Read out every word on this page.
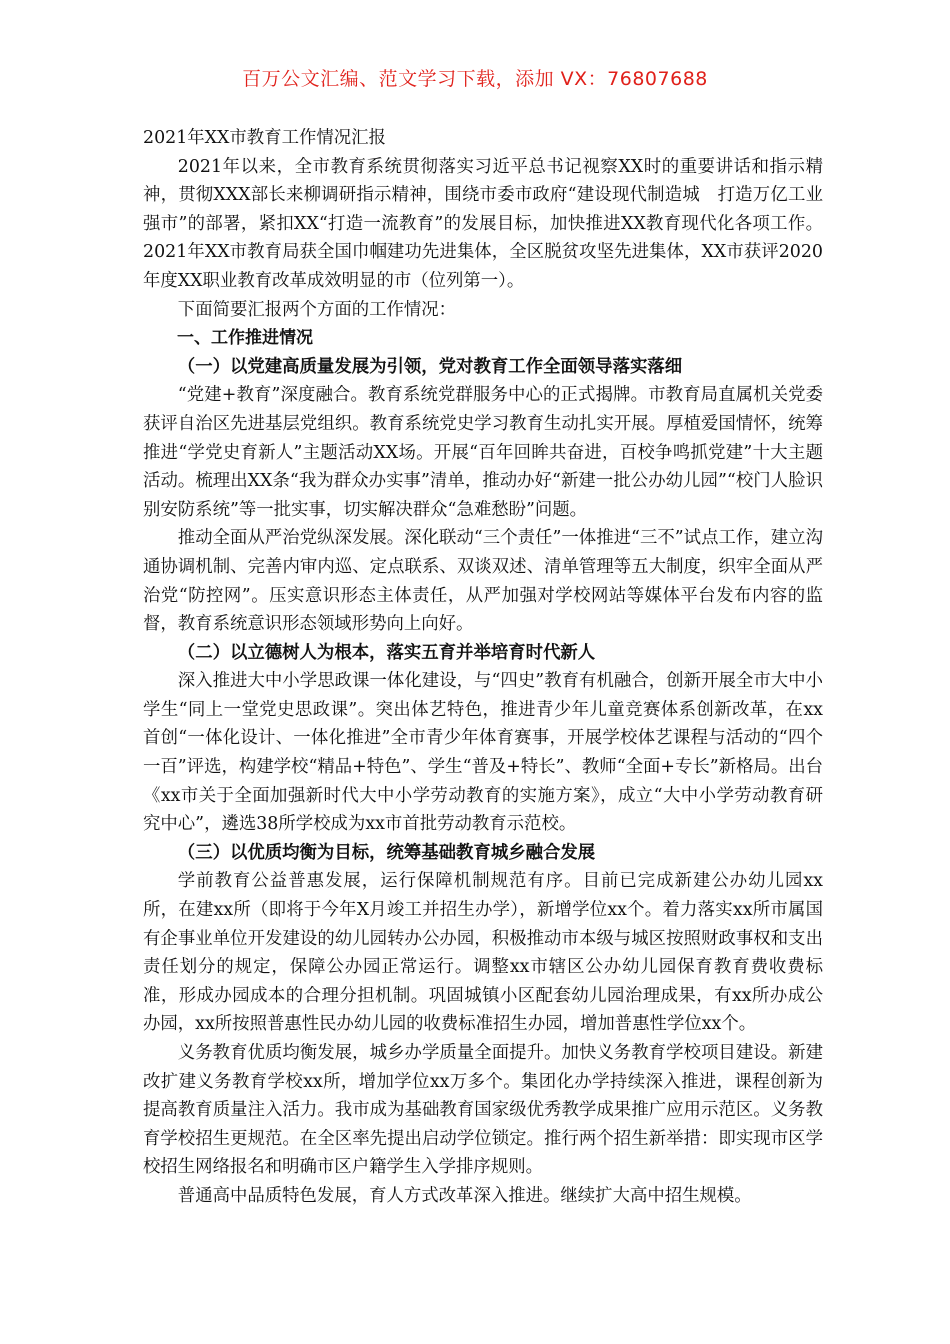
百万公文汇编、范文学习下载，添加 VX：76807688
2021年XX市教育工作情况汇报

2021年以来，全市教育系统贯彻落实习近平总书记视察XX时的重要讲话和指示精神，贯彻XXX部长来柳调研指示精神，围绕市委市政府“建设现代制造城　打造万亿工业强市”的部署，紧扣XX“打造一流教育”的发展目标，加快推进XX教育现代化各项工作。2021年XX市教育局获全国巾帼建功先进集体，全区脱贫攻坚先进集体，XX市获评2020年度XX职业教育改革成效明显的市（位列第一）。

下面简要汇报两个方面的工作情况：

一、工作推进情况
（一）以党建高质量发展为引领，党对教育工作全面领导落实落细

“党建+教育”深度融合。教育系统党群服务中心的正式揭牌。市教育局直属机关党委获评自治区先进基层党组织。教育系统党史学习教育生动扎实开展。厚植爱国情怀，统筹推进“学党史育新人”主题活动XX场。开展“百年回眸共奋进，百校争鸣抓党建”十大主题活动。梳理出XX条“我为群众办实事”清单，推动办好“新建一批公办幼儿园”“校门人脸识别安防系统”等一批实事，切实解决群众“急难愁盼”问题。

推动全面从严治党纵深发展。深化联动“三个责任”一体推进“三不”试点工作，建立沟通协调机制、完善内审内巡、定点联系、双谈双述、清单管理等五大制度，织牢全面从严治党“防控网”。压实意识形态主体责任，从严加强对学校网站等媒体平台发布内容的监督，教育系统意识形态领域形势向上向好。

（二）以立德树人为根本，落实五育并举培育时代新人

深入推进大中小学思政课一体化建设，与“四史”教育有机融合，创新开展全市大中小学生“同上一堂党史思政课”。突出体艺特色，推进青少年儿童竞赛体系创新改革，在xx首创“一体化设计、一体化推进”全市青少年体育赛事，开展学校体艺课程与活动的“四个一百”评选，构建学校“精品+特色”、学生“普及+特长”、教师“全面+专长”新格局。出台《xx市关于全面加强新时代大中小学劳动教育的实施方案》，成立“大中小学劳动教育研究中心”，遴选38所学校成为xx市首批劳动教育示范校。

（三）以优质均衡为目标，统筹基础教育城乡融合发展

学前教育公益普惠发展，运行保障机制规范有序。目前已完成新建公办幼儿园xx所，在建xx所（即将于今年X月竣工并招生办学），新增学位xx个。着力落实xx所市属国有企事业单位开发建设的幼儿园转办公办园，积极推动市本级与城区按照财政事权和支出责任划分的规定，保障公办园正常运行。调整xx市辖区公办幼儿园保育教育费收费标准，形成办园成本的合理分担机制。巩固城镇小区配套幼儿园治理成果，有xx所办成公办园，xx所按照普惠性民办幼儿园的收费标准招生办园，增加普惠性学位xx个。

义务教育优质均衡发展，城乡办学质量全面提升。加快义务教育学校项目建设。新建改扩建义务教育学校xx所，增加学位xx万多个。集团化办学持续深入推进，课程创新为提高教育质量注入活力。我市成为基础教育国家级优秀教学成果推广应用示范区。义务教育学校招生更规范。在全区率先提出启动学位锁定。推行两个招生新举措：即实现市区学校招生网络报名和明确市区户籍学生入学排序规则。

普通高中品质特色发展，育人方式改革深入推进。继续扩大高中招生规模。
